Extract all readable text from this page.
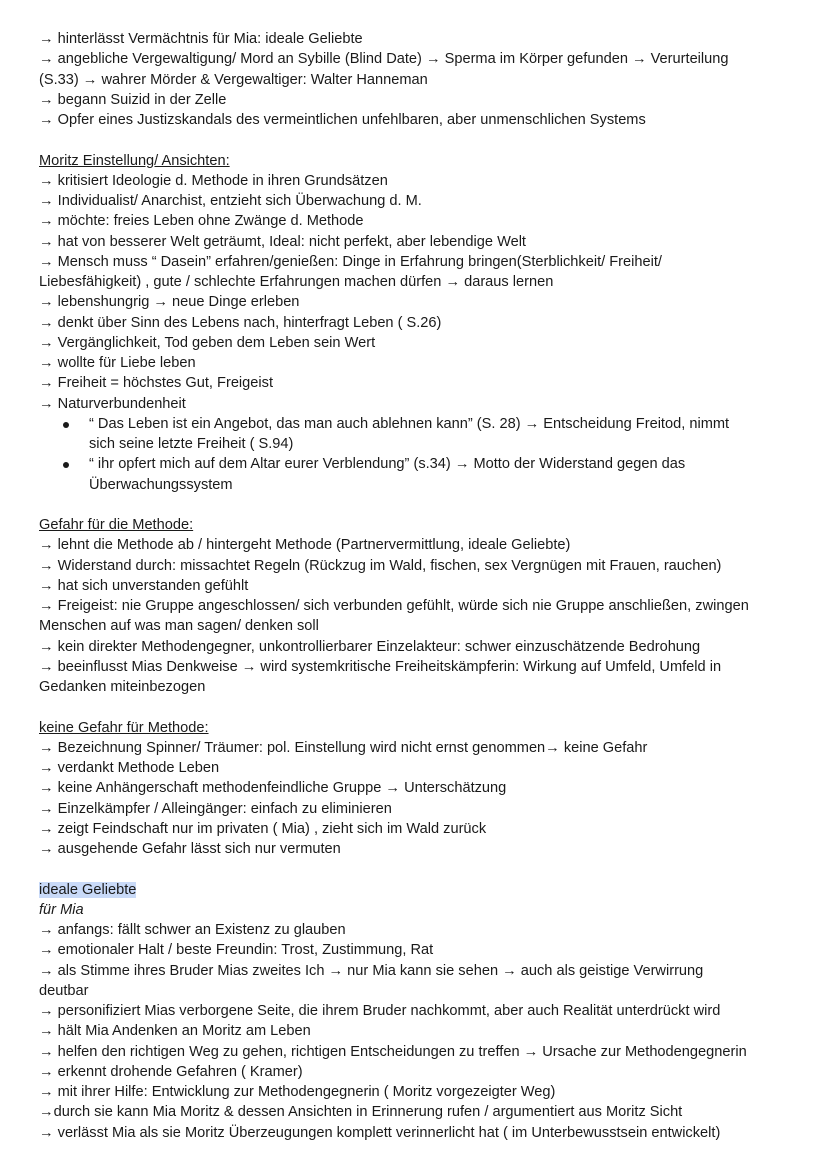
→ hinterlässt Vermächtnis für Mia: ideale Geliebte
→ angebliche Vergewaltigung/ Mord an Sybille (Blind Date) → Sperma im Körper gefunden → Verurteilung
(S.33) → wahrer Mörder & Vergewaltiger: Walter Hanneman
→ begann Suizid in der Zelle
→ Opfer eines Justizskandals des vermeintlichen unfehlbaren, aber unmenschlichen Systems
Moritz Einstellung/ Ansichten:
→ kritisiert Ideologie d. Methode in ihren Grundsätzen
→ Individualist/ Anarchist, entzieht sich Überwachung d. M.
→ möchte: freies Leben ohne Zwänge d. Methode
→ hat von besserer Welt geträumt, Ideal: nicht perfekt, aber lebendige Welt
→ Mensch muss “ Dasein” erfahren/genießen: Dinge in Erfahrung bringen(Sterblichkeit/ Freiheit/
Liebesfähigkeit) , gute / schlechte Erfahrungen machen dürfen → daraus lernen
→ lebenshungrig → neue Dinge erleben
→ denkt über Sinn des Lebens nach, hinterfragt Leben ( S.26)
→ Vergänglichkeit, Tod geben dem Leben sein Wert
→ wollte für Liebe leben
→ Freiheit = höchstes Gut, Freigeist
→ Naturverbundenheit
“ Das Leben ist ein Angebot, das man auch ablehnen kann” (S. 28) → Entscheidung Freitod, nimmt
sich seine letzte Freiheit ( S.94)
“ ihr opfert mich auf dem Altar eurer Verblendung” (s.34) → Motto der Widerstand gegen das
Überwachungssystem
Gefahr für die Methode:
→ lehnt die Methode ab / hintergeht Methode (Partnervermittlung, ideale Geliebte)
→ Widerstand durch: missachtet Regeln (Rückzug im Wald, fischen, sex Vergnügen mit Frauen, rauchen)
→ hat sich unverstanden gefühlt
→ Freigeist: nie Gruppe angeschlossen/ sich verbunden gefühlt, würde sich nie Gruppe anschließen, zwingen
Menschen auf was man sagen/ denken soll
→ kein direkter Methodengegner, unkontrollierbarer Einzelakteur: schwer einzuschätzende Bedrohung
→ beeinflusst Mias Denkweise → wird systemkritische Freiheitskämpferin: Wirkung auf Umfeld, Umfeld in
Gedanken miteinbezogen
keine Gefahr für Methode:
→ Bezeichnung Spinner/ Träumer: pol. Einstellung wird nicht ernst genommen→ keine Gefahr
→ verdankt Methode Leben
→ keine Anhängerschaft methodenfeindliche Gruppe → Unterschätzung
→ Einzelkämpfer / Alleingänger: einfach zu eliminieren
→ zeigt Feindschaft nur im privaten ( Mia) , zieht sich im Wald zurück
→ ausgehende Gefahr lässt sich nur vermuten
ideale Geliebte
für Mia
→ anfangs: fällt schwer an Existenz zu glauben
→ emotionaler Halt / beste Freundin: Trost, Zustimmung, Rat
→ als Stimme ihres Bruder Mias zweites Ich → nur Mia kann sie sehen → auch als geistige Verwirrung
deutbar
→ personifiziert Mias verborgene Seite, die ihrem Bruder nachkommt, aber auch Realität unterdrückt wird
→ hält Mia Andenken an Moritz am Leben
→ helfen den richtigen Weg zu gehen, richtigen Entscheidungen zu treffen → Ursache zur Methodengegnerin
→ erkennt drohende Gefahren ( Kramer)
→ mit ihrer Hilfe: Entwicklung zur Methodengegnerin ( Moritz vorgezeigter Weg)
→durch sie kann Mia Moritz & dessen Ansichten in Erinnerung rufen / argumentiert aus Moritz Sicht
→ verlässt Mia als sie Moritz Überzeugungen komplett verinnerlicht hat ( im Unterbewusstsein entwickelt)
